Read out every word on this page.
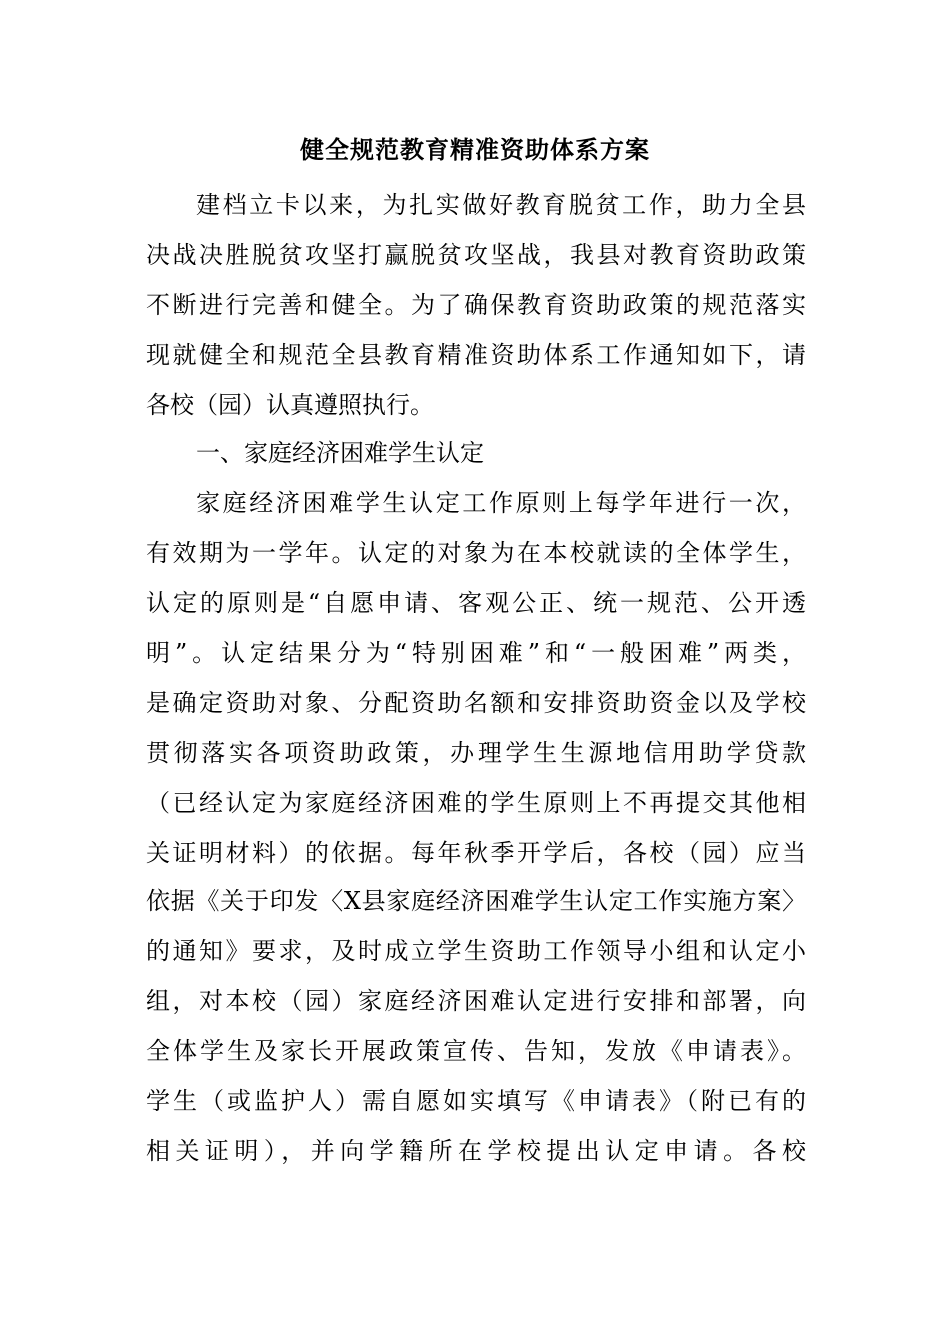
健全规范教育精准资助体系方案
建档立卡以来，为扎实做好教育脱贫工作，助力全县
决战决胜脱贫攻坚打赢脱贫攻坚战，我县对教育资助政策
不断进行完善和健全。为了确保教育资助政策的规范落实
现就健全和规范全县教育精准资助体系工作通知如下，请
各校（园）认真遵照执行。
一、家庭经济困难学生认定
家庭经济困难学生认定工作原则上每学年进行一次，
有效期为一学年。认定的对象为在本校就读的全体学生，
认定的原则是“自愿申请、客观公正、统一规范、公开透
明”。认定结果分为“特别困难”和“一般困难”两类，
是确定资助对象、分配资助名额和安排资助资金以及学校
贯彻落实各项资助政策，办理学生生源地信用助学贷款
（已经认定为家庭经济困难的学生原则上不再提交其他相
关证明材料）的依据。每年秋季开学后，各校（园）应当
依据《关于印发〈X县家庭经济困难学生认定工作实施方案〉
的通知》要求，及时成立学生资助工作领导小组和认定小
组，对本校（园）家庭经济困难认定进行安排和部署，向
全体学生及家长开展政策宣传、告知，发放《申请表》。
学生（或监护人）需自愿如实填写《申请表》（附已有的
相关证明），并向学籍所在学校提出认定申请。各校
